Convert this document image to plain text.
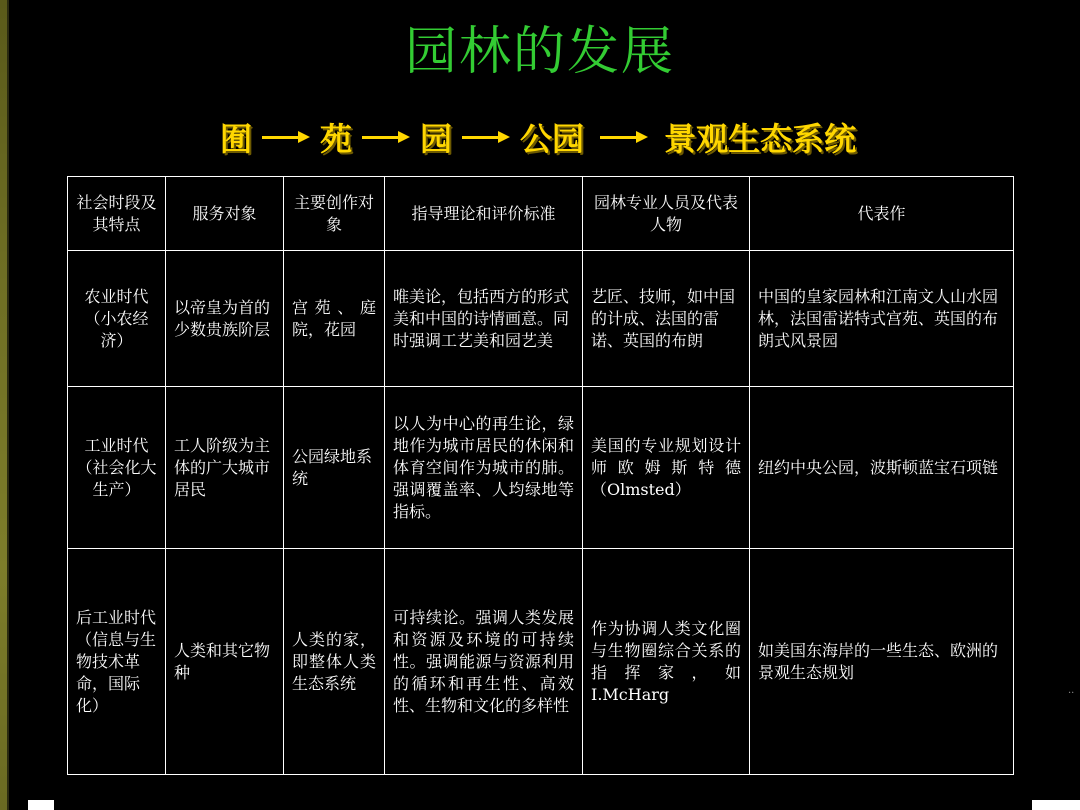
园林的发展
囿 苑 园 公园	景观生态系统
社会时段及其特点	服务对象	主要创作对象	指导理论和评价标准	园林专业人员及代表人物	代表作
农业时代（小农经济）	以帝皇为首的少数贵族阶层	宫苑、庭院，花园	唯美论，包括西方的形式美和中国的诗情画意。同时强调工艺美和园艺美	艺匠、技师，如中国的计成、法国的雷诺、英国的布朗	中国的皇家园林和江南文人山水园林，法国雷诺特式宫苑、英国的布朗式风景园
工业时代（社会化大生产）	工人阶级为主体的广大城市居民	公园绿地系统	以人为中心的再生论，绿地作为城市居民的休闲和体育空间作为城市的肺。强调覆盖率、人均绿地等指标。	美国的专业规划设计师欧姆斯特德（Olmsted）	纽约中央公园，波斯顿蓝宝石项链
后工业时代（信息与生物技术革命，国际化）	人类和其它物种	人类的家，即整体人类生态系统	可持续论。强调人类发展和资源及环境的可持续性。强调能源与资源利用的循环和再生性、高效性、生物和文化的多样性	作为协调人类文化圈与生物圈综合关系的指挥家，如 I.McHarg	如美国东海岸的一些生态、欧洲的景观生态规划
··
